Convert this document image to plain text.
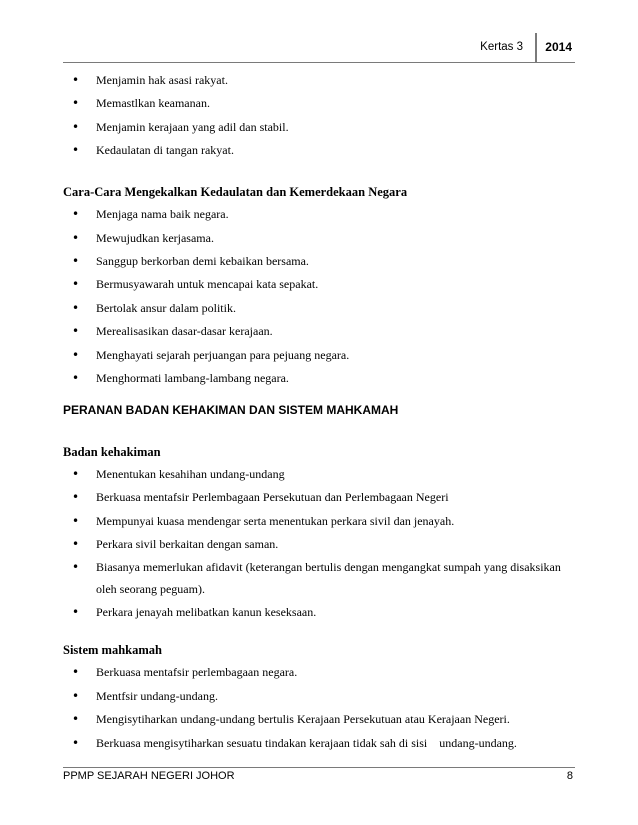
Kertas 3 2014
• Menjamin hak asasi rakyat.
• Memastlkan keamanan.
• Menjamin kerajaan yang adil dan stabil.
• Kedaulatan di tangan rakyat.
Cara-Cara Mengekalkan Kedaulatan dan Kemerdekaan Negara
• Menjaga nama baik negara.
• Mewujudkan kerjasama.
• Sanggup berkorban demi kebaikan bersama.
• Bermusyawarah untuk mencapai kata sepakat.
• Bertolak ansur dalam politik.
• Merealisasikan dasar-dasar kerajaan.
• Menghayati sejarah perjuangan para pejuang negara.
• Menghormati lambang-lambang negara.
PERANAN BADAN KEHAKIMAN DAN SISTEM MAHKAMAH
Badan kehakiman
• Menentukan kesahihan undang-undang
• Berkuasa mentafsir Perlembagaan Persekutuan dan Perlembagaan Negeri
• Mempunyai kuasa mendengar serta menentukan perkara sivil dan jenayah.
• Perkara sivil berkaitan dengan saman.
• Biasanya memerlukan afidavit (keterangan bertulis dengan mengangkat sumpah yang disaksikan oleh seorang peguam).
• Perkara jenayah melibatkan kanun keseksaan.
Sistem mahkamah
• Berkuasa mentafsir perlembagaan negara.
• Mentfsir undang-undang.
• Mengisytiharkan undang-undang bertulis Kerajaan Persekutuan atau Kerajaan Negeri.
• Berkuasa mengisytiharkan sesuatu tindakan kerajaan tidak sah di sisi    undang-undang.
PPMP SEJARAH NEGERI JOHOR	8
